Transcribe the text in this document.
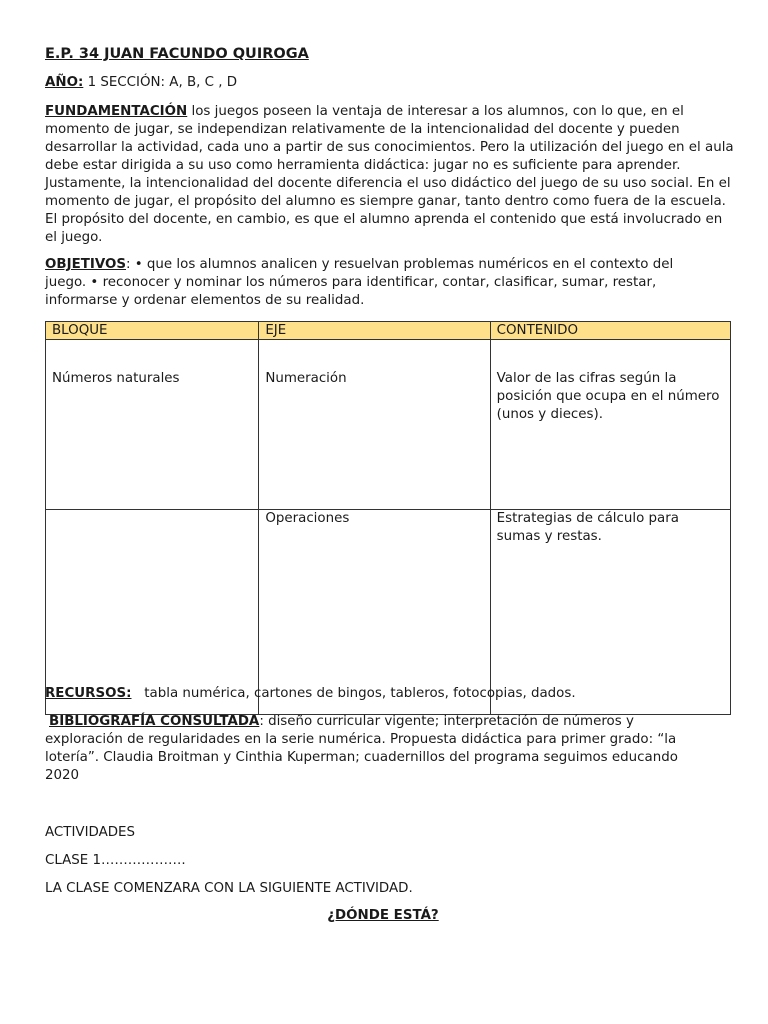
E.P. 34 JUAN FACUNDO QUIROGA
AÑO: 1 SECCIÓN: A, B, C , D
FUNDAMENTACIÓN los juegos poseen la ventaja de interesar a los alumnos, con lo que, en el momento de jugar, se independizan relativamente de la intencionalidad del docente y pueden desarrollar la actividad, cada uno a partir de sus conocimientos. Pero la utilización del juego en el aula debe estar dirigida a su uso como herramienta didáctica: jugar no es suficiente para aprender. Justamente, la intencionalidad del docente diferencia el uso didáctico del juego de su uso social. En el momento de jugar, el propósito del alumno es siempre ganar, tanto dentro como fuera de la escuela. El propósito del docente, en cambio, es que el alumno aprenda el contenido que está involucrado en el juego.
OBJETIVOS: • que los alumnos analicen y resuelvan problemas numéricos en el contexto del juego. • reconocer y nominar los números para identificar, contar, clasificar, sumar, restar, informarse y ordenar elementos de su realidad.
BLOQUE	EJE	CONTENIDO
Números naturales	Numeración	Valor de las cifras según la posición que ocupa en el número (unos y dieces).
	Operaciones	Estrategias de cálculo para sumas y restas.
RECURSOS:   tabla numérica, cartones de bingos, tableros, fotocopias, dados.
BIBLIOGRAFÍA CONSULTADA: diseño curricular vigente; interpretación de números y exploración de regularidades en la serie numérica. Propuesta didáctica para primer grado: “la lotería”. Claudia Broitman y Cinthia Kuperman; cuadernillos del programa seguimos educando 2020
ACTIVIDADES
CLASE 1……………….
LA CLASE COMENZARA CON LA SIGUIENTE ACTIVIDAD.
¿DÓNDE ESTÁ?
